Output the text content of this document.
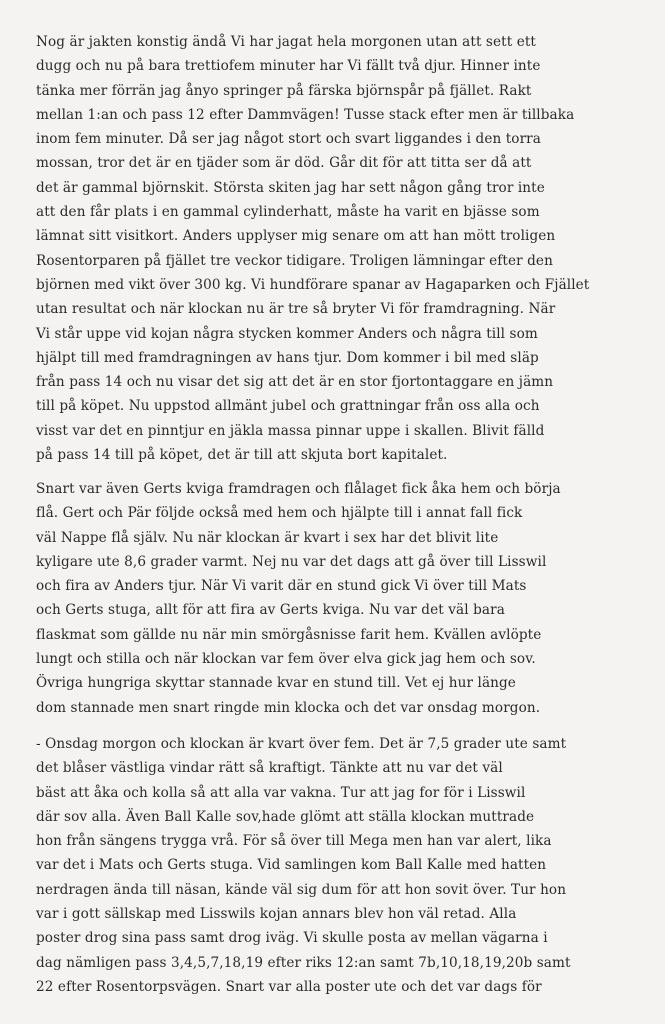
Nog är jakten konstig ändå Vi har jagat hela morgonen utan att sett ett
dugg och nu på bara trettiofem minuter har Vi fällt två djur. Hinner inte
tänka mer förrän jag ånyo springer på färska björnspår på fjället. Rakt
mellan 1:an och pass 12 efter Dammvägen! Tusse stack efter men är tillbaka
inom fem minuter. Då ser jag något stort och svart liggandes i den torra
mossan, tror det är en tjäder som är död. Går dit för att titta ser då att
det är gammal björnskit. Största skiten jag har sett någon gång tror inte
att den får plats i en gammal cylinderhatt, måste ha varit en bjässe som
lämnat sitt visitkort. Anders upplyser mig senare om att han mött troligen
Rosentorparen på fjället tre veckor tidigare. Troligen lämningar efter den
björnen med vikt över 300 kg. Vi hundförare spanar av Hagaparken och Fjället
utan resultat och när klockan nu är tre så bryter Vi för framdragning. När
Vi står uppe vid kojan några stycken kommer Anders och några till som
hjälpt till med framdragningen av hans tjur. Dom kommer i bil med släp
från pass 14 och nu visar det sig att det är en stor fjortontaggare en jämn
till på köpet. Nu uppstod allmänt jubel och grattningar från oss alla och
visst var det en pinntjur en jäkla massa pinnar uppe i skallen. Blivit fälld
på pass 14 till på köpet, det är till att skjuta bort kapitalet.
Snart var även Gerts kviga framdragen och flålaget fick åka hem och börja
flå. Gert och Pär följde också med hem och hjälpte till i annat fall fick
väl Nappe flå själv. Nu när klockan är kvart i sex har det blivit lite
kyligare ute 8,6 grader varmt. Nej nu var det dags att gå över till Lisswil
och fira av Anders tjur. När Vi varit där en stund gick Vi över till Mats
och Gerts stuga, allt för att fira av Gerts kviga. Nu var det väl bara
flaskmat som gällde nu när min smörgåsnisse farit hem. Kvällen avlöpte
lungt och stilla och när klockan var fem över elva gick jag hem och sov.
Övriga hungriga skyttar stannade kvar en stund till. Vet ej hur länge
dom stannade men snart ringde min klocka och det var onsdag morgon.
- Onsdag morgon och klockan är kvart över fem. Det är 7,5 grader ute samt
det blåser västliga vindar rätt så kraftigt. Tänkte att nu var det väl
bäst att åka och kolla så att alla var vakna. Tur att jag for för i Lisswil
där sov alla. Även Ball Kalle sov,hade glömt att ställa klockan muttrade
hon från sängens trygga vrå. För så över till Mega men han var alert, lika
var det i Mats och Gerts stuga. Vid samlingen kom Ball Kalle med hatten
nerdragen ända till näsan, kände väl sig dum för att hon sovit över. Tur hon
var i gott sällskap med Lisswils kojan annars blev hon väl retad. Alla
poster drog sina pass samt drog iväg. Vi skulle posta av mellan vägarna i
dag nämligen pass 3,4,5,7,18,19 efter riks 12:an samt 7b,10,18,19,20b samt
22 efter Rosentorpsvägen. Snart var alla poster ute och det var dags för
